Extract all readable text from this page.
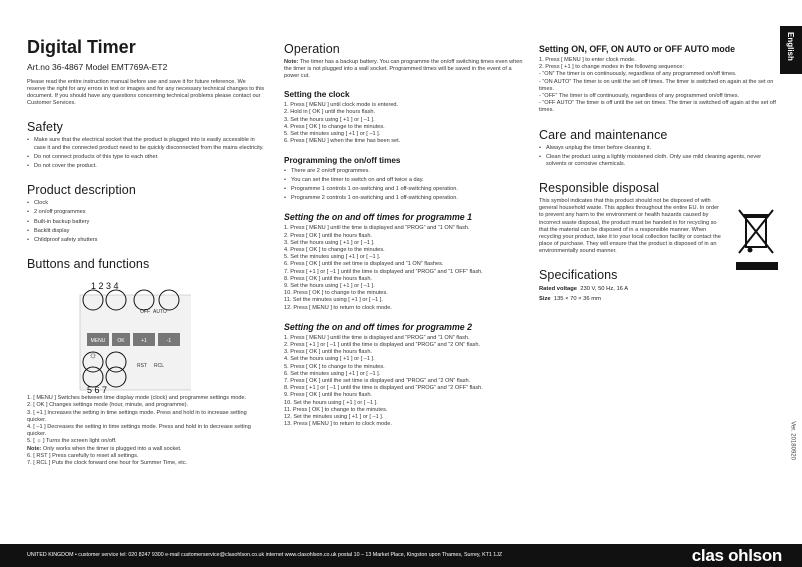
English
Ver. 20180920
Digital Timer
Art.no 36-4867 Model EMT769A-ET2
Please read the entire instruction manual before use and save it for future reference. We reserve the right for any errors in text or images and for any necessary technical changes to this document. If you should have any questions concerning technical problems please contact our Customer Services.
Safety
• Make sure that the electrical socket that the product is plugged into is easily accessible in case it and the connected product need to be quickly disconnected from the mains electricity.
• Do not connect products of this type to each other.
• Do not cover the product.
Product description
• Clock
• 2 on/off programmes
• Built-in backup battery
• Backlit display
• Childproof safety shutters
Buttons and functions
MENU OK	+1	-1
OFF AUTO
1 2 3 4
☼
RST RCL
5 6 7
1. [ MENU ] Switches between time display mode (clock) and programme settings mode.
2. [ OK ] Changes settings mode (hour, minute, and programme).
3. [ +1 ] Increases the setting in time settings mode. Press and hold in to increase setting quicker.
4. [ –1 ] Decreases the setting in time settings mode. Press and hold in to decrease setting quicker.
5. [ ☼ ] Turns the screen light on/off.
Note: Only works when the timer is plugged into a wall socket.
6. [ RST ] Press carefully to reset all settings.
7. [ RCL ] Puts the clock forward one hour for Summer Time, etc.
Operation
Note: The timer has a backup battery. You can programme the on/off switching times even when the timer is not plugged into a wall socket. Programmed times will be saved in the event of a power cut.
Setting the clock
1. Press [ MENU ] until clock mode is entered.
2. Hold in [ OK ] until the hours flash.
3. Set the hours using [ +1 ] or [ –1 ].
4. Press [ OK ] to change to the minutes.
5. Set the minutes using [ +1 ] or [ –1 ].
6. Press [ MENU ] when the time has been set.
Programming the on/off times
• There are 2 on/off programmes.
• You can set the timer to switch on and off twice a day.
• Programme 1 controls 1 on-switching and 1 off-switching operation.
• Programme 2 controls 1 on-switching and 1 off-switching operation.
Setting the on and off times for programme 1
1. Press [ MENU ] until the time is displayed and “PROG” and “1 ON” flash.
2. Press [ OK ] until the hours flash.
3. Set the hours using [ +1 ] or [ –1 ].
4. Press [ OK ] to change to the minutes.
5. Set the minutes using [ +1 ] or [ –1 ].
6. Press [ OK ] until the set time is displayed and “1 ON” flashes.
7. Press [ +1 ] or [ –1 ] until the time is displayed and “PROG” and “1 OFF” flash.
8. Press [ OK ] until the hours flash.
9. Set the hours using [ +1 ] or [ –1 ].
10. Press [ OK ] to change to the minutes.
11. Set the minutes using [ +1 ] or [ –1 ].
12. Press [ MENU ] to return to clock mode.
Setting the on and off times for programme 2
1. Press [ MENU ] until the time is displayed and “PROG” and “1 ON” flash.
2. Press [ +1 ] or [ –1 ] until the time is displayed and “PROG” and “2 ON” flash.
3. Press [ OK ] until the hours flash.
4. Set the hours using [ +1 ] or [ –1 ].
5. Press [ OK ] to change to the minutes.
6. Set the minutes using [ +1 ] or [ –1 ].
7. Press [ OK ] until the set time is displayed and “PROG” and “2 ON” flash.
8. Press [ +1 ] or [ –1 ] until the time is displayed and “PROG” and “2 OFF” flash.
9. Press [ OK ] until the hours flash.
10. Set the hours using [ +1 ] or [ –1 ].
11. Press [ OK ] to change to the minutes.
12. Set the minutes using [ +1 ] or [ –1 ].
13. Press [ MENU ] to return to clock mode.
Setting ON, OFF, ON AUTO or OFF AUTO mode
1. Press [ MENU ] to enter clock mode.
2. Press [ +1 ] to change modes in the following sequence:
- “ON” The timer is on continuously, regardless of any programmed on/off times.
- “ON AUTO” The timer is on until the set off times. The timer is switched on again at the set on times.
- “OFF” The timer is off continuously, regardless of any programmed on/off times.
- “OFF AUTO” The timer is off until the set on times. The timer is switched off again at the set off times.
Care and maintenance
• Always unplug the timer before cleaning it.
• Clean the product using a lightly moistened cloth. Only use mild cleaning agents, never solvents or corrosive chemicals.
Responsible disposal
This symbol indicates that this product should not be disposed of with general household waste. This applies throughout the entire EU. In order to prevent any harm to the environment or health hazards caused by incorrect waste disposal, the product must be handed in for recycling so that the material can be disposed of in a responsible manner. When recycling your product, take it to your local collection facility or contact the place of purchase. They will ensure that the product is disposed of in an environmentally sound manner.
Specifications
Rated voltage 230 V, 50 Hz, 16 A
Size 135 × 70 × 36 mm
UNITED KINGDOM • customer service tel: 020 8247 9300 e-mail customerservice@clasohlson.co.uk internet www.clasohlson.co.uk postal 10 – 13 Market Place, Kingston upon Thames, Surrey, KT1 1JZ	clas ohlson
